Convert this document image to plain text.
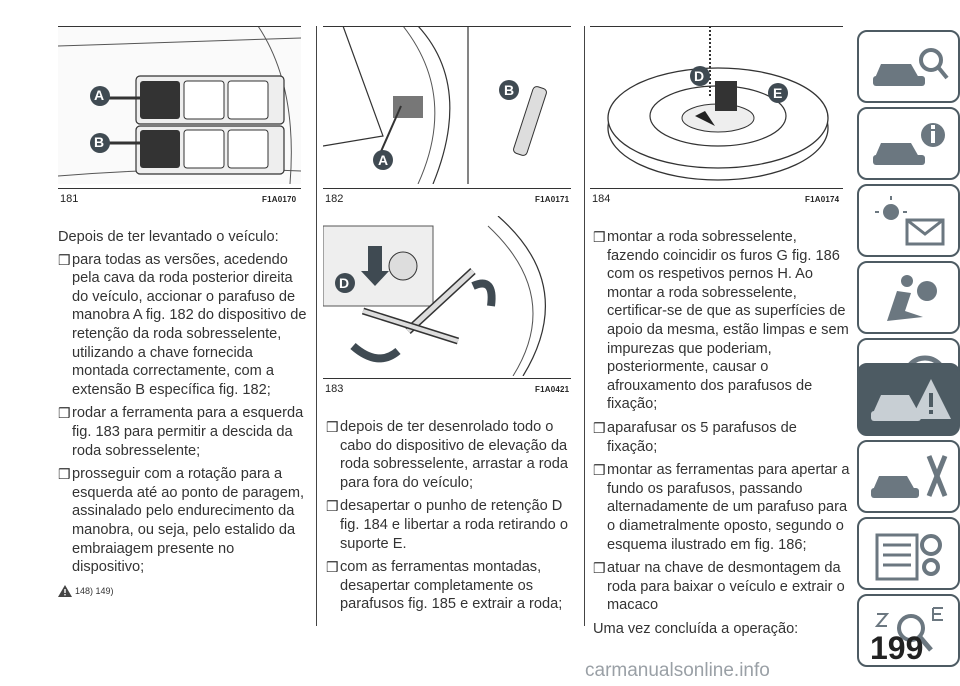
A
B
181	F1A0170
B
A
182	F1A0171
D
183	F1A0421
D
E
184	F1A0174

Depois de ter levantado o veículo:

❒ para todas as versões, acedendo pela cava da roda posterior direita do veículo, accionar o parafuso de manobra A fig. 182 do dispositivo de retenção da roda sobresselente, utilizando a chave fornecida montada correctamente, com a extensão B específica fig. 182;
❒ rodar a ferramenta para a esquerda fig. 183 para permitir a descida da roda sobresselente;
❒ prosseguir com a rotação para a esquerda até ao ponto de paragem, assinalado pelo endurecimento da manobra, ou seja, pelo estalido da embraiagem presente no dispositivo;
148) 149)
❒ depois de ter desenrolado todo o cabo do dispositivo de elevação da roda sobresselente, arrastar a roda para fora do veículo;
❒ desapertar o punho de retenção D fig. 184 e libertar a roda retirando o suporte E.
❒ com as ferramentas montadas, desapertar completamente os parafusos fig. 185 e extrair a roda;
❒ montar a roda sobresselente, fazendo coincidir os furos G fig. 186 com os respetivos pernos H. Ao montar a roda sobresselente, certificar-se de que as superfícies de apoio da mesma, estão limpas e sem impurezas que poderiam, posteriormente, causar o afrouxamento dos parafusos de fixação;
❒ aparafusar os 5 parafusos de fixação;
❒ montar as ferramentas para apertar a fundo os parafusos, passando alternadamente de um parafuso para o diametralmente oposto, segundo o esquema ilustrado em fig. 186;
❒ atuar na chave de desmontagem da roda para baixar o veículo e extrair o macaco

Uma vez concluída a operação:

199
carmanualsonline.info
